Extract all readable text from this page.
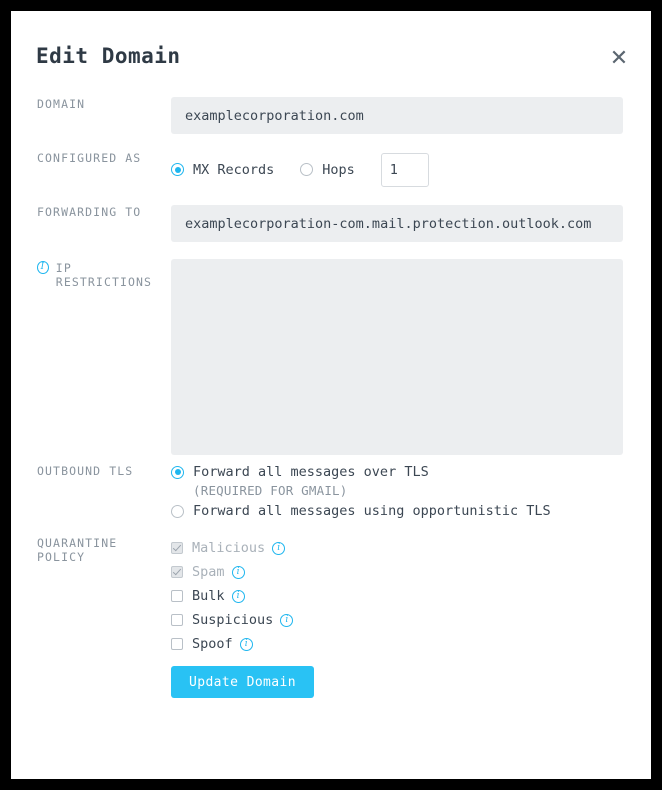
✕
Edit Domain
DOMAIN
examplecorporation.com
CONFIGURED AS
MX Records	Hops
1
FORWARDING TO
examplecorporation-com.mail.protection.outlook.com
I IP RESTRICTIONS
OUTBOUND TLS	Forward all messages over TLS
(REQUIRED FOR GMAIL)
Forward all messages using opportunistic TLS
QUARANTINE POLICY
Malicious	i
Spam	i
Bulk	i
Suspicious	i
Spoof	i
Update Domain
